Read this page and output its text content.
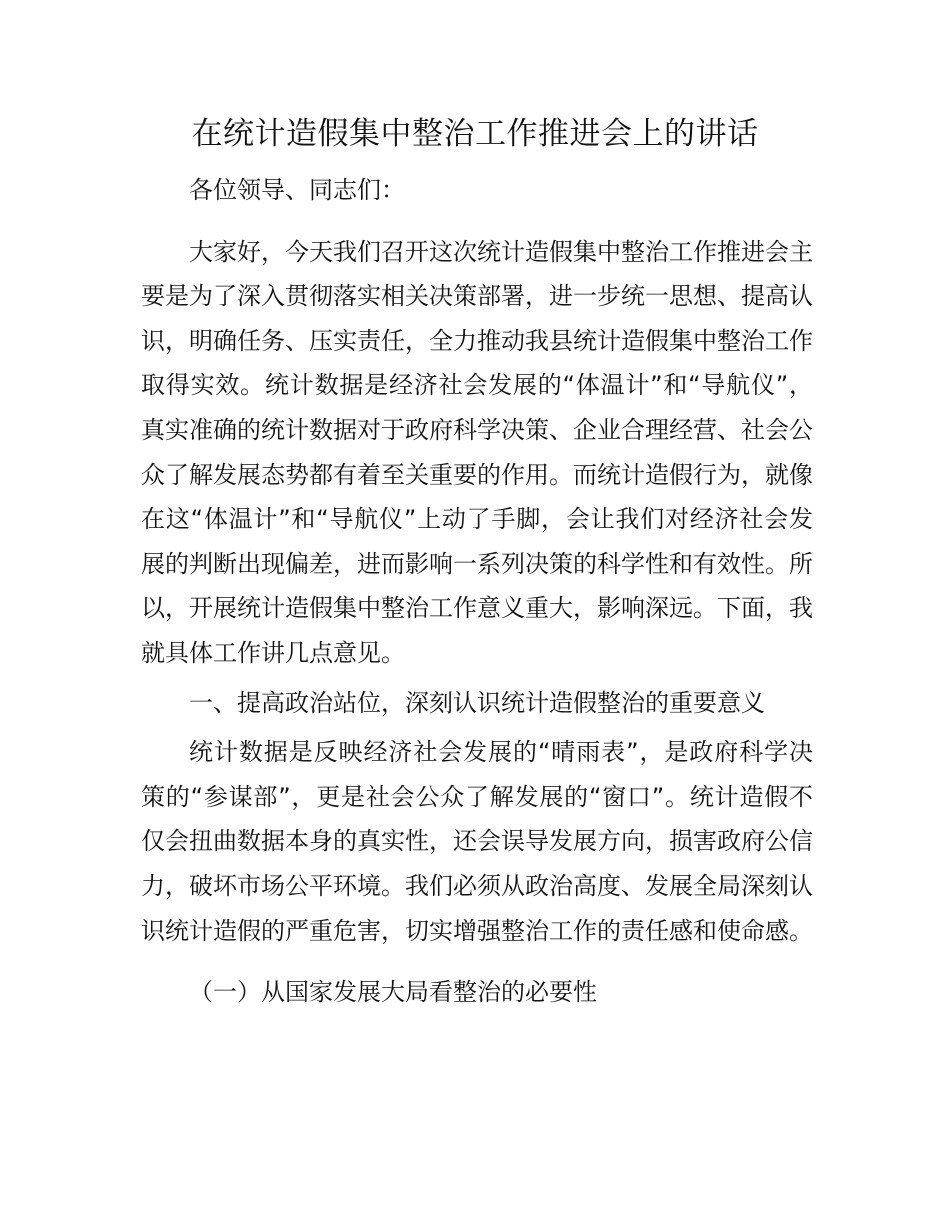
在统计造假集中整治工作推进会上的讲话

各位领导、同志们：

大家好，今天我们召开这次统计造假集中整治工作推进会主要是为了深入贯彻落实相关决策部署，进一步统一思想、提高认识，明确任务、压实责任，全力推动我县统计造假集中整治工作取得实效。统计数据是经济社会发展的“体温计”和“导航仪”，真实准确的统计数据对于政府科学决策、企业合理经营、社会公众了解发展态势都有着至关重要的作用。而统计造假行为，就像在这“体温计”和“导航仪”上动了手脚，会让我们对经济社会发展的判断出现偏差，进而影响一系列决策的科学性和有效性。所以，开展统计造假集中整治工作意义重大，影响深远。下面，我就具体工作讲几点意见。

一、提高政治站位，深刻认识统计造假整治的重要意义

统计数据是反映经济社会发展的“晴雨表”，是政府科学决策的“参谋部”，更是社会公众了解发展的“窗口”。统计造假不仅会扭曲数据本身的真实性，还会误导发展方向，损害政府公信力，破坏市场公平环境。我们必须从政治高度、发展全局深刻认识统计造假的严重危害，切实增强整治工作的责任感和使命感。

（一）从国家发展大局看整治的必要性
